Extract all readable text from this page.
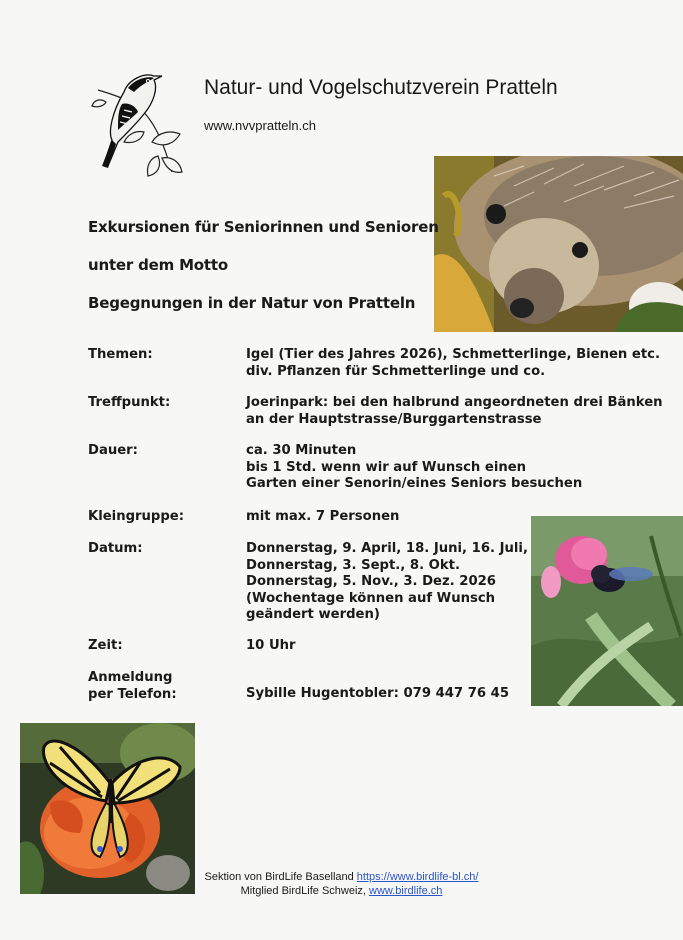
Natur- und Vogelschutzverein Pratteln
www.nvvpratteln.ch
Exkursionen für Seniorinnen und Senioren
unter dem Motto
Begegnungen in der Natur von Pratteln
Themen:	Igel (Tier des Jahres 2026), Schmetterlinge, Bienen etc.
div. Pflanzen für Schmetterlinge und co.
Treffpunkt:	Joerinpark: bei den halbrund angeordneten drei Bänken
an der Hauptstrasse/Burggartenstrasse
Dauer:	ca. 30 Minuten
bis 1 Std. wenn wir auf Wunsch einen
Garten einer Senorin/eines Seniors besuchen
Kleingruppe:	mit max. 7 Personen
Datum:	Donnerstag, 9. April, 18. Juni, 16. Juli,
Donnerstag, 3. Sept., 8. Okt.
Donnerstag, 5. Nov., 3. Dez. 2026
(Wochentage können auf Wunsch
geändert werden)
Zeit:	10 Uhr
Anmeldung
per Telefon:	Sybille Hugentobler: 079 447 76 45
Sektion von BirdLife Baselland https://www.birdlife-bl.ch/
Mitglied BirdLife Schweiz, www.birdlife.ch
